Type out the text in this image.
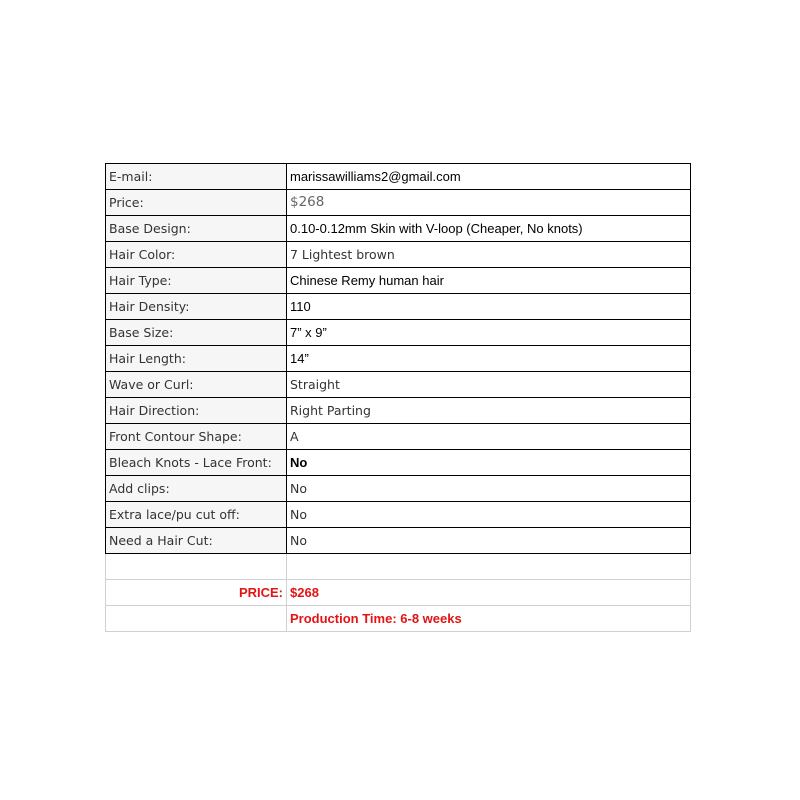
E-mail:	marissawilliams2@gmail.com
Price:	$268
Base Design:	0.10-0.12mm Skin with V-loop (Cheaper, No knots)
Hair Color:	7 Lightest brown
Hair Type:	Chinese Remy human hair
Hair Density:	110
Base Size:	7” x 9”
Hair Length:	14”
Wave or Curl:	Straight
Hair Direction:	Right Parting
Front Contour Shape:	A
Bleach Knots - Lace Front:	No
Add clips:	No
Extra lace/pu cut off:	No
Need a Hair Cut:	No

PRICE:	$268
	Production Time: 6-8 weeks
